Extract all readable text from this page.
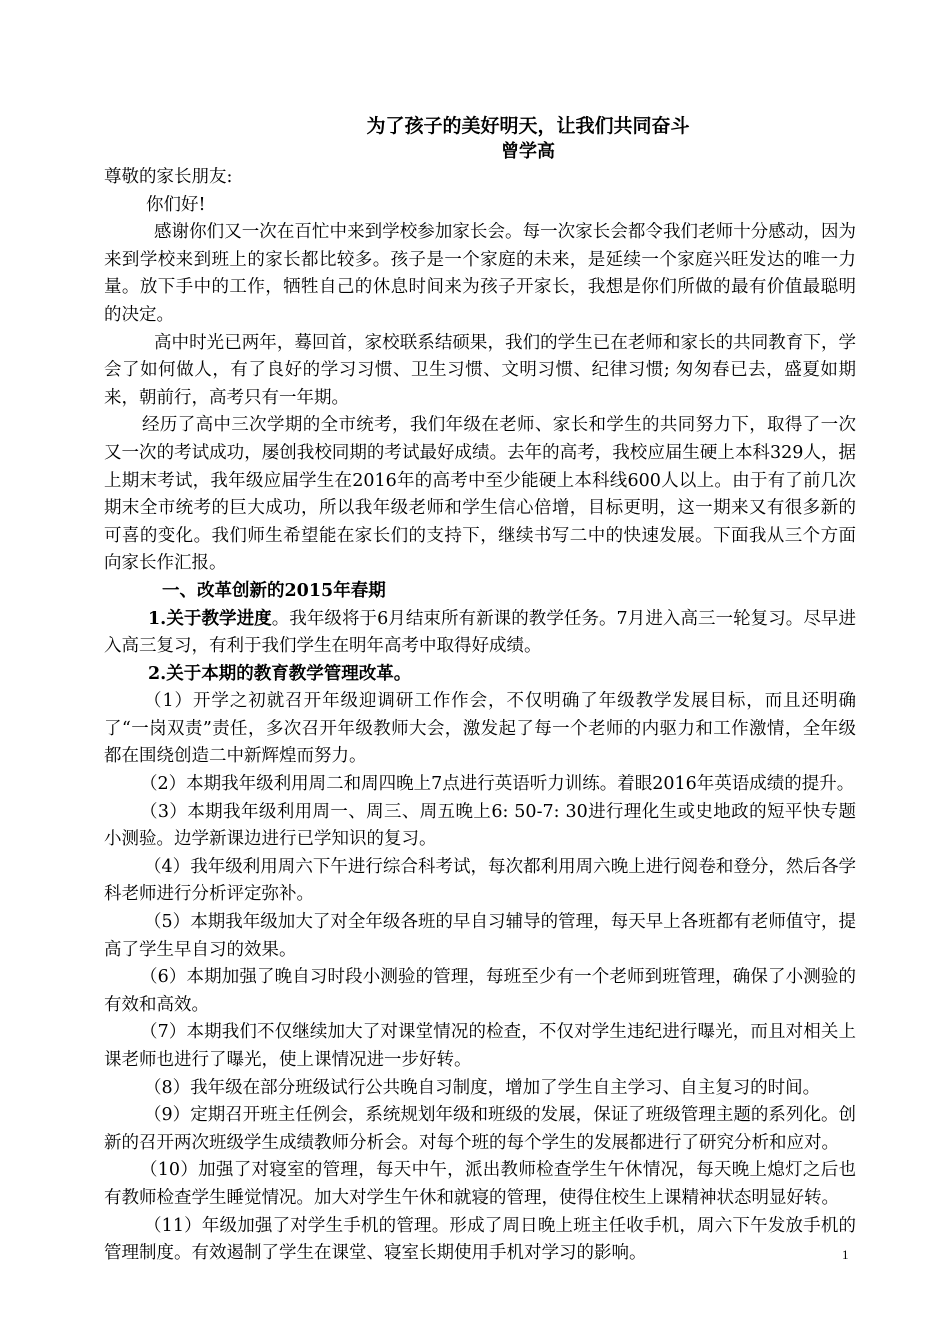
为了孩子的美好明天，让我们共同奋斗
曾学高

尊敬的家长朋友:

你们好!

感谢你们又一次在百忙中来到学校参加家长会。每一次家长会都令我们老师十分感动，因为来到学校来到班上的家长都比较多。孩子是一个家庭的未来，是延续一个家庭兴旺发达的唯一力量。放下手中的工作，牺牲自己的休息时间来为孩子开家长，我想是你们所做的最有价值最聪明的决定。

高中时光已两年，蓦回首，家校联系结硕果，我们的学生已在老师和家长的共同教育下，学会了如何做人，有了良好的学习习惯、卫生习惯、文明习惯、纪律习惯; 匆匆春已去，盛夏如期来，朝前行，高考只有一年期。

经历了高中三次学期的全市统考，我们年级在老师、家长和学生的共同努力下，取得了一次又一次的考试成功，屡创我校同期的考试最好成绩。去年的高考，我校应届生硬上本科329人，据上期末考试，我年级应届学生在2016年的高考中至少能硬上本科线600人以上。由于有了前几次期末全市统考的巨大成功，所以我年级老师和学生信心倍增，目标更明，这一期来又有很多新的可喜的变化。我们师生希望能在家长们的支持下，继续书写二中的快速发展。下面我从三个方面向家长作汇报。

一、改革创新的2015年春期

1.关于教学进度。我年级将于6月结束所有新课的教学任务。7月进入高三一轮复习。尽早进入高三复习，有利于我们学生在明年高考中取得好成绩。

2.关于本期的教育教学管理改革。

（1）开学之初就召开年级迎调研工作作会，不仅明确了年级教学发展目标，而且还明确了“一岗双责”责任，多次召开年级教师大会，激发起了每一个老师的内驱力和工作激情，全年级都在围绕创造二中新辉煌而努力。

（2）本期我年级利用周二和周四晚上7点进行英语听力训练。着眼2016年英语成绩的提升。

（3）本期我年级利用周一、周三、周五晚上6: 50-7: 30进行理化生或史地政的短平快专题小测验。边学新课边进行已学知识的复习。

（4）我年级利用周六下午进行综合科考试，每次都利用周六晚上进行阅卷和登分，然后各学科老师进行分析评定弥补。

（5）本期我年级加大了对全年级各班的早自习辅导的管理，每天早上各班都有老师值守，提高了学生早自习的效果。

（6）本期加强了晚自习时段小测验的管理，每班至少有一个老师到班管理，确保了小测验的有效和高效。

（7）本期我们不仅继续加大了对课堂情况的检查，不仅对学生违纪进行曝光，而且对相关上课老师也进行了曝光，使上课情况进一步好转。

（8）我年级在部分班级试行公共晚自习制度，增加了学生自主学习、自主复习的时间。

（9）定期召开班主任例会，系统规划年级和班级的发展，保证了班级管理主题的系列化。创新的召开两次班级学生成绩教师分析会。对每个班的每个学生的发展都进行了研究分析和应对。

（10）加强了对寝室的管理，每天中午，派出教师检查学生午休情况，每天晚上熄灯之后也有教师检查学生睡觉情况。加大对学生午休和就寝的管理，使得住校生上课精神状态明显好转。

（11）年级加强了对学生手机的管理。形成了周日晚上班主任收手机，周六下午发放手机的管理制度。有效遏制了学生在课堂、寝室长期使用手机对学习的影响。	1
